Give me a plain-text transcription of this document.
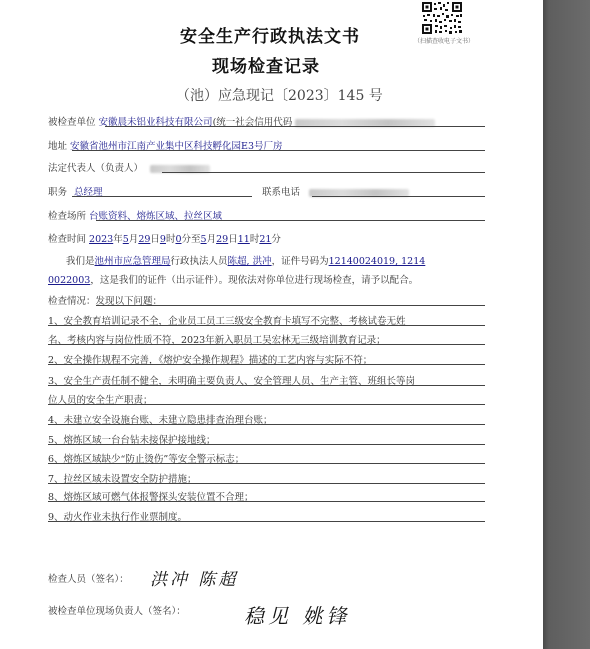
（扫描查收电子文书）
安全生产行政执法文书
现场检查记录
（池）应急现记〔2023〕145 号
被检查单位 安徽晨未铝业科技有限公司(统一社会信用代码
地址 安徽省池州市江南产业集中区科技孵化园E3号厂房
法定代表人（负责人）
职务 总经理	联系电话
检查场所 台账资料、熔炼区域、拉丝区域
检查时间 2023年5月29日9时0分至5月29日11时21分
我们是池州市应急管理局行政执法人员陈超, 洪冲，证件号码为12140024019, 1214
0022003，这是我们的证件（出示证件）。现依法对你单位进行现场检查，请予以配合。
检查情况：发现以下问题：
1、安全教育培训记录不全，企业员工员工三级安全教育卡填写不完整、考核试卷无姓
名、考核内容与岗位性质不符，2023年新入职员工吴宏林无三级培训教育记录；
2、安全操作规程不完善，《熔炉安全操作规程》描述的工艺内容与实际不符；
3、安全生产责任制不健全，未明确主要负责人、安全管理人员、生产主管、班组长等岗
位人员的安全生产职责；
4、未建立安全设施台账、未建立隐患排查治理台账；
5、熔炼区域一台台钻未接保护接地线；
6、熔炼区域缺少“防止烫伤”等安全警示标志；
7、拉丝区域未设置安全防护措施；
8、熔炼区域可燃气体报警探头安装位置不合理；
9、动火作业未执行作业票制度。
检查人员（签名）： 洪冲 陈超
被检查单位现场负责人（签名）：	稳见 姚锋
